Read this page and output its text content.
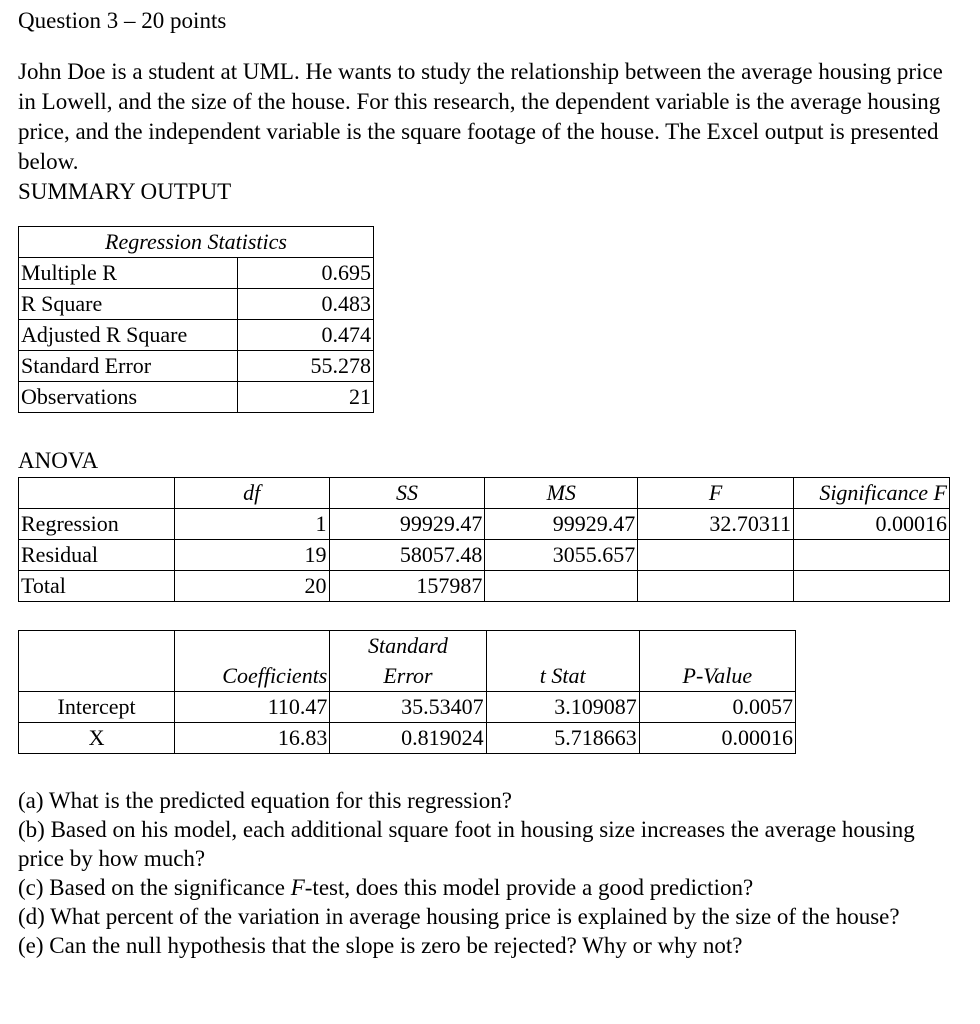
Question 3 – 20 points

John Doe is a student at UML. He wants to study the relationship between the average housing price in Lowell, and the size of the house. For this research, the dependent variable is the average housing price, and the independent variable is the square footage of the house. The Excel output is presented below.

SUMMARY OUTPUT

Regression Statistics	
Multiple R	0.695
R Square	0.483
Adjusted R Square	0.474
Standard Error	55.278
Observations	21
ANOVA
	df	SS	MS	F	Significance F
Regression	1	99929.47	99929.47	32.70311	0.00016
Residual	19	58057.48	3055.657		
Total	20	157987			
		Standard		
	Coefficients	Error	t Stat	P-Value
Intercept	110.47	35.53407	3.109087	0.0057
X	16.83	0.819024	5.718663	0.00016

(a) What is the predicted equation for this regression?

(b) Based on his model, each additional square foot in housing size increases the average housing price by how much?

(c) Based on the significance F-test, does this model provide a good prediction?

(d) What percent of the variation in average housing price is explained by the size of the house?

(e) Can the null hypothesis that the slope is zero be rejected? Why or why not?
